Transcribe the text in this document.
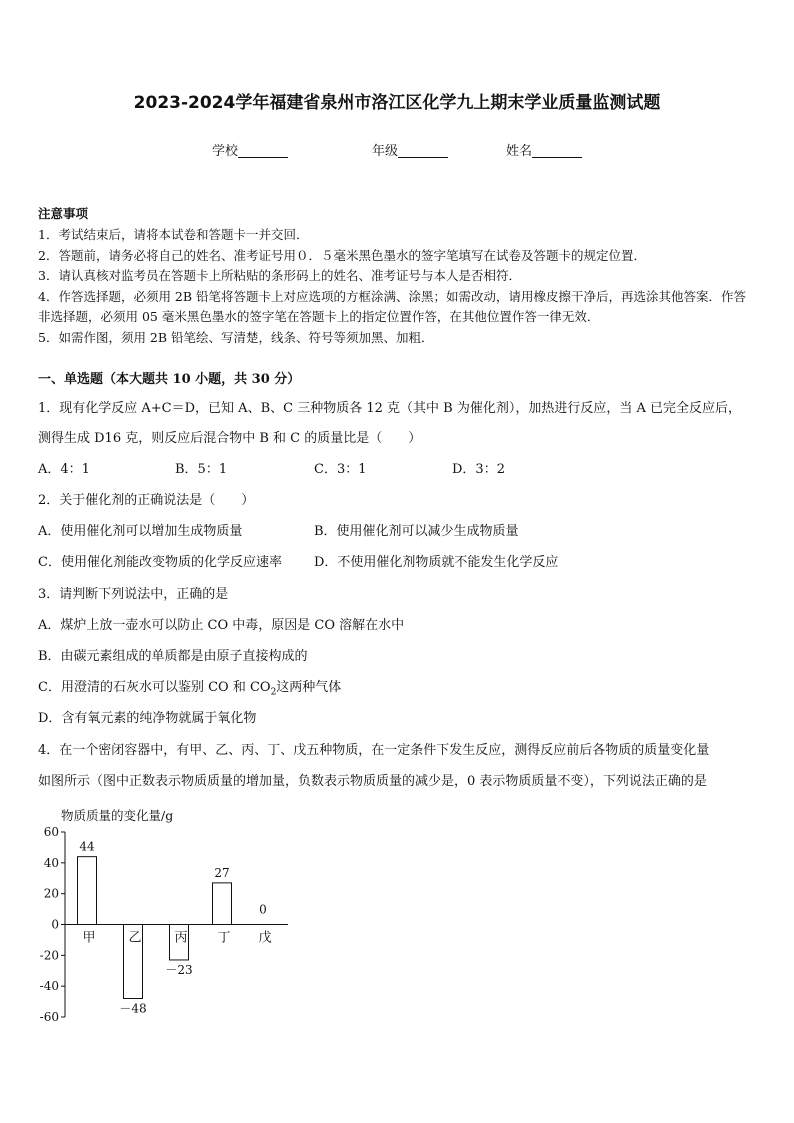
2023-2024学年福建省泉州市洛江区化学九上期末学业质量监测试题
学校	年级	姓名
注意事项
1．考试结束后，请将本试卷和答题卡一并交回．
2．答题前，请务必将自己的姓名、准考证号用０．５毫米黑色墨水的签字笔填写在试卷及答题卡的规定位置．
3．请认真核对监考员在答题卡上所粘贴的条形码上的姓名、准考证号与本人是否相符．
4．作答选择题，必须用 2B 铅笔将答题卡上对应选项的方框涂满、涂黑；如需改动，请用橡皮擦干净后，再选涂其他答案．作答非选择题，必须用 05 毫米黑色墨水的签字笔在答题卡上的指定位置作答，在其他位置作答一律无效．
5．如需作图，须用 2B 铅笔绘、写清楚，线条、符号等须加黑、加粗．
一、单选题（本大题共 10 小题，共 30 分）
1．现有化学反应 A+C＝D，已知 A、B、C 三种物质各 12 克（其中 B 为催化剂），加热进行反应，当 A 已完全反应后，
测得生成 D16 克，则反应后混合物中 B 和 C 的质量比是（　　）
A．4：1	B．5：1	C．3：1	D．3：2
2．关于催化剂的正确说法是（　　）
A．使用催化剂可以增加生成物质量	B．使用催化剂可以减少生成物质量
C．使用催化剂能改变物质的化学反应速率 D．不使用催化剂物质就不能发生化学反应
3．请判断下列说法中，正确的是
A．煤炉上放一壶水可以防止 CO 中毒，原因是 CO 溶解在水中
B．由碳元素组成的单质都是由原子直接构成的
C．用澄清的石灰水可以鉴别 CO 和 $CO_2$这两种气体
D．含有氧元素的纯净物就属于氧化物
4．在一个密闭容器中，有甲、乙、丙、丁、戊五种物质，在一定条件下发生反应，测得反应前后各物质的质量变化量
如图所示（图中正数表示物质质量的增加量，负数表示物质质量的减少是，0 表示物质质量不变），下列说法正确的是
物质质量的变化量/g
60
40
20
0
-20
-40
-60
甲
44
乙
－48
丙
－23
丁
27
戊
0
